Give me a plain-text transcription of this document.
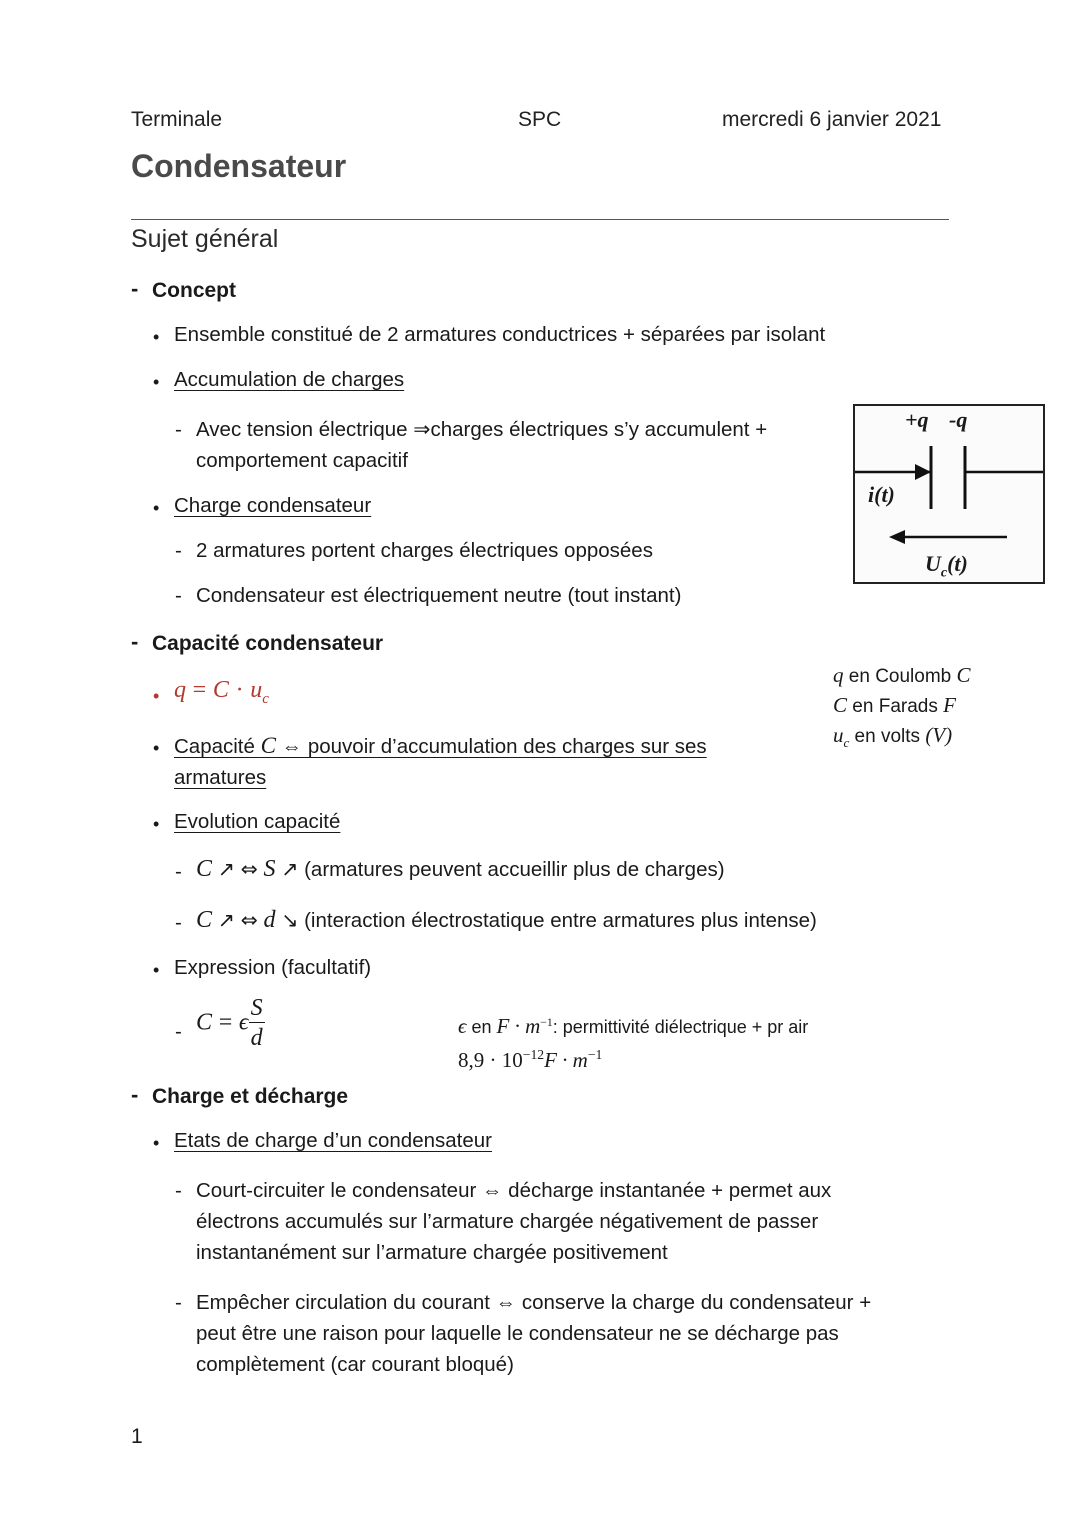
Terminale	SPC	mercredi 6 janvier 2021
Condensateur
Sujet général
- Concept
• Ensemble constitué de 2 armatures conductrices + séparées par isolant
• Accumulation de charges
- Avec tension électrique ⇒charges électriques s’y accumulent +
comportement capacitif
• Charge condensateur
- 2 armatures portent charges électriques opposées
- Condensateur est électriquement neutre (tout instant)
+q -q
i(t)
$U_c(t)$
- Capacité condensateur
• $q = C \cdot u_c$
q en Coulomb C
C en Farads F
$u_c$ en volts (V)
• Capacité C ⇔ pouvoir d’accumulation des charges sur ses
armatures
• Evolution capacité
- C ↗ ⇔ S ↗ (armatures peuvent accueillir plus de charges)
- C ↗ ⇔ d ↘ (interaction électrostatique entre armatures plus intense)
• Expression (facultatif)
- C = ϵ $\frac{S}{d}$	ϵ en $F \cdot m^{-1}$: permittivité diélectrique + pr air
$8,9 \cdot 10^{-12}F \cdot m^{-1}$
- Charge et décharge
• Etats de charge d’un condensateur
- Court-circuiter le condensateur ⇔ décharge instantanée + permet aux
électrons accumulés sur l’armature chargée négativement de passer
instantanément sur l’armature chargée positivement
- Empêcher circulation du courant ⇔ conserve la charge du condensateur +
peut être une raison pour laquelle le condensateur ne se décharge pas
complètement (car courant bloqué)
1
